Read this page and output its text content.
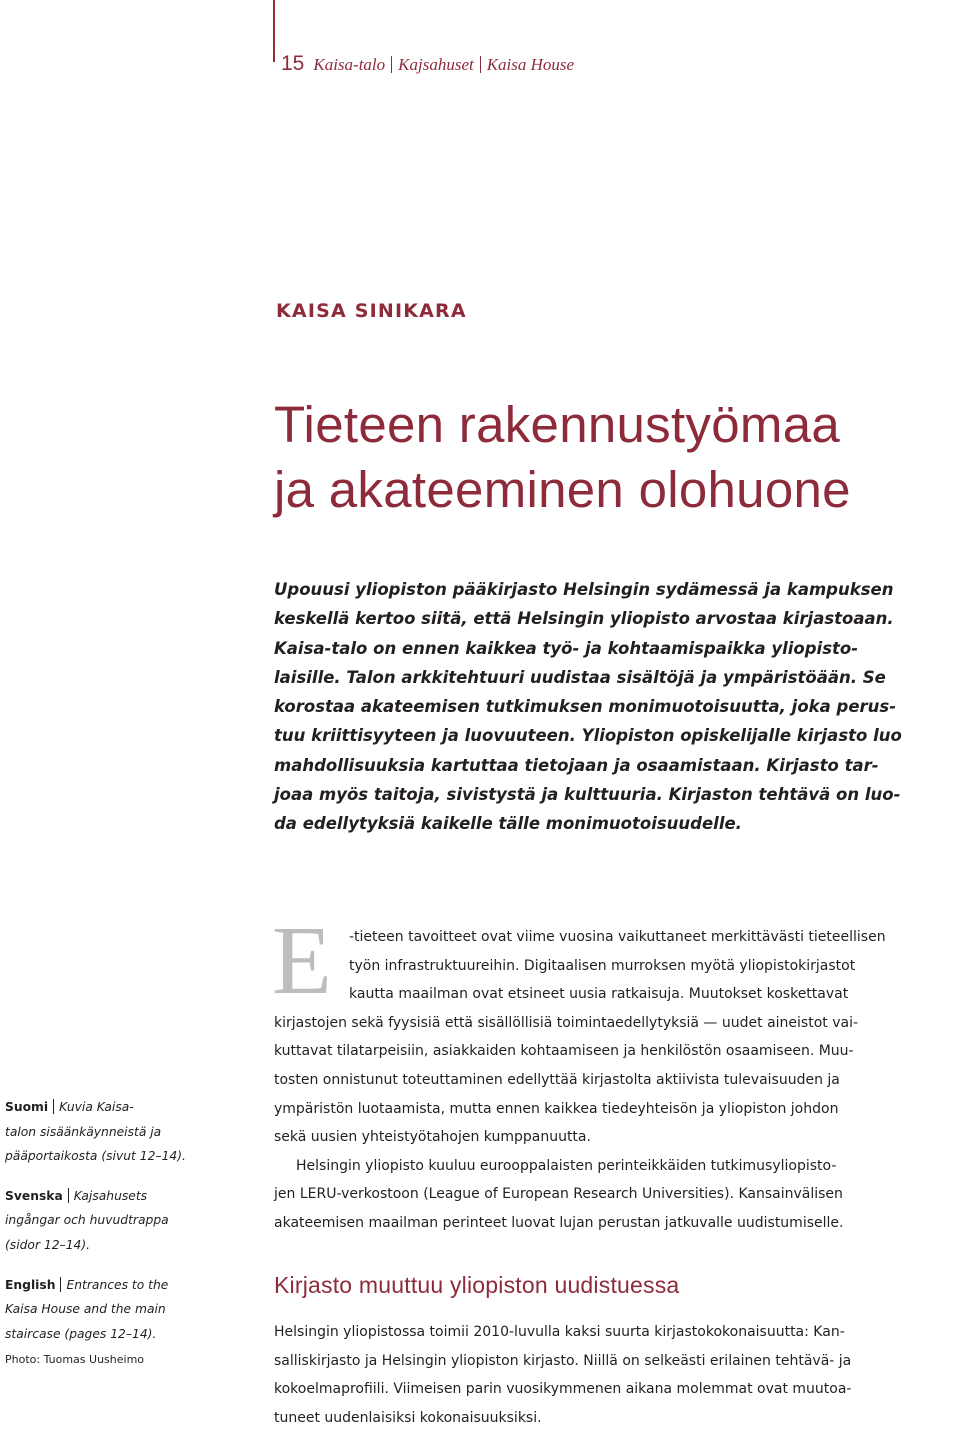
15 Kaisa-talo Kajsahuset Kaisa House
KAISA SINIKARA
Tieteen rakennustyömaa
ja akateeminen olohuone
Upouusi yliopiston pääkirjasto Helsingin sydämessä ja kampuksen
keskellä kertoo siitä, että Helsingin yliopisto arvostaa kirjastoaan.
Kaisa-talo on ennen kaikkea työ- ja kohtaamispaikka yliopisto-
laisille. Talon arkkitehtuuri uudistaa sisältöjä ja ympäristöään. Se
korostaa akateemisen tutkimuksen monimuotoisuutta, joka perus-
tuu kriittisyyteen ja luovuuteen. Yliopiston opiskelijalle kirjasto luo
mahdollisuuksia kartuttaa tietojaan ja osaamistaan. Kirjasto tar-
joaa myös taitoja, sivistystä ja kulttuuria. Kirjaston tehtävä on luo-
da edellytyksiä kaikelle tälle monimuotoisuudelle.
E	-tieteen tavoitteet ovat viime vuosina vaikuttaneet merkittävästi tieteellisen
työn infrastruktuureihin. Digitaalisen murroksen myötä yliopistokirjastot
kautta maailman ovat etsineet uusia ratkaisuja. Muutokset koskettavat
kirjastojen sekä fyysisiä että sisällöllisiä toimintaedellytyksiä — uudet aineistot vai-
kuttavat tilatarpeisiin, asiakkaiden kohtaamiseen ja henkilöstön osaamiseen. Muu-
tosten onnistunut toteuttaminen edellyttää kirjastolta aktiivista tulevaisuuden ja
ympäristön luotaamista, mutta ennen kaikkea tiedeyhteisön ja yliopiston johdon
sekä uusien yhteistyötahojen kumppanuutta.
Helsingin yliopisto kuuluu eurooppalaisten perinteikkäiden tutkimusyliopisto-
jen LERU-verkostoon (League of European Research Universities). Kansainvälisen
akateemisen maailman perinteet luovat lujan perustan jatkuvalle uudistumiselle.
Kirjasto muuttuu yliopiston uudistuessa
Helsingin yliopistossa toimii 2010-luvulla kaksi suurta kirjastokokonaisuutta: Kan-
salliskirjasto ja Helsingin yliopiston kirjasto. Niillä on selkeästi erilainen tehtävä- ja
kokoelmaprofiili. Viimeisen parin vuosikymmenen aikana molemmat ovat muutoa-
tuneet uudenlaisiksi kokonaisuuksiksi.
Suomi Kuvia Kaisa-
talon sisäänkäynneistä ja
pääportaikosta (sivut 12–14).
Svenska Kajsahusets
ingångar och huvudtrappa
(sidor 12–14).
English Entrances to the
Kaisa House and the main
staircase (pages 12–14).
Photo: Tuomas Uusheimo
